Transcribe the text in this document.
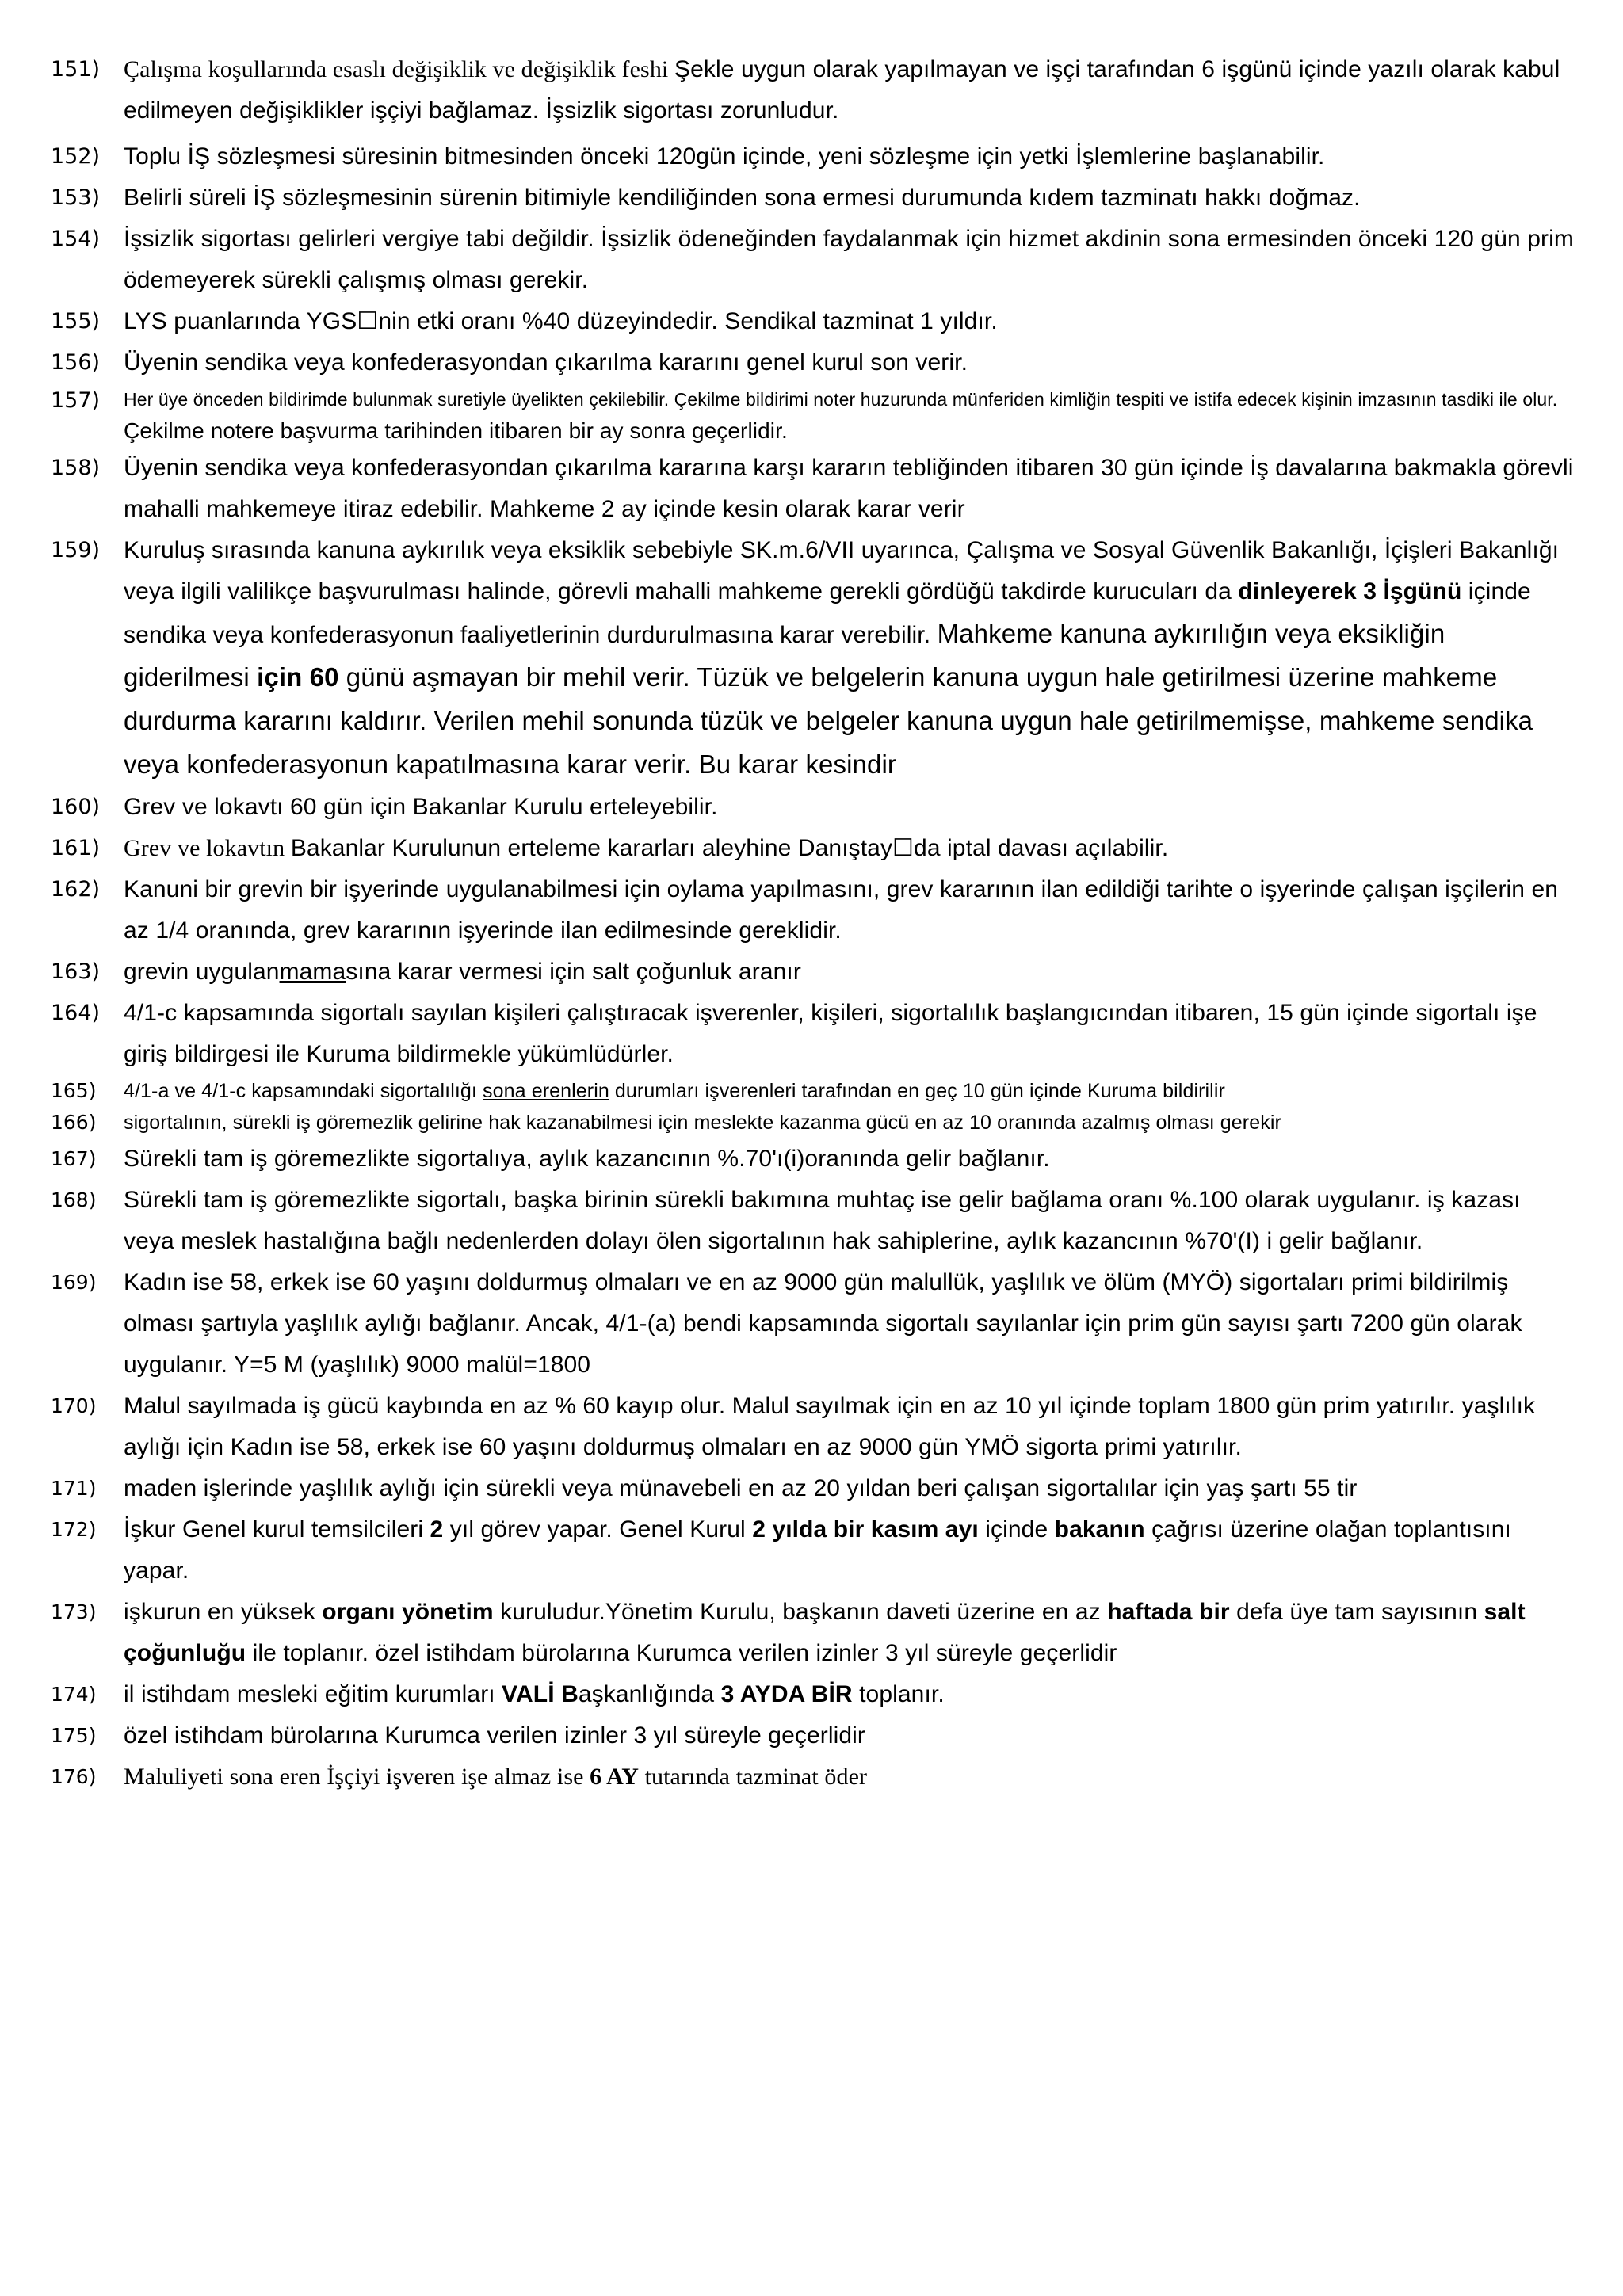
151) Çalışma koşullarında esaslı değişiklik ve değişiklik feshi Şekle uygun olarak yapılmayan ve işçi tarafından 6 işgünü içinde yazılı olarak kabul edilmeyen değişiklikler işçiyi bağlamaz. İşsizlik sigortası zorunludur.
152) Toplu İŞ sözleşmesi süresinin bitmesinden önceki 120gün içinde, yeni sözleşme için yetki İşlemlerine başlanabilir.
153) Belirli süreli İŞ sözleşmesinin sürenin bitimiyle kendiliğinden sona ermesi durumunda kıdem tazminatı hakkı doğmaz.
154) İşsizlik sigortası gelirleri vergiye tabi değildir. İşsizlik ödeneğinden faydalanmak için hizmet akdinin sona ermesinden önceki 120 gün prim ödemeyerek sürekli çalışmış olması gerekir.
155) LYS puanlarında YGS☐nin etki oranı %40 düzeyindedir. Sendikal tazminat 1 yıldır.
156) Üyenin sendika veya konfederasyondan çıkarılma kararını genel kurul son verir.
157)	Her üye önceden bildirimde bulunmak suretiyle üyelikten çekilebilir. Çekilme bildirimi noter huzurunda münferiden kimliğin tespiti ve istifa edecek kişinin imzasının tasdiki ile olur. Çekilme notere başvurma tarihinden itibaren bir ay sonra geçerlidir.
158) Üyenin sendika veya konfederasyondan çıkarılma kararına karşı kararın tebliğinden itibaren 30 gün içinde İş davalarına bakmakla görevli mahalli mahkemeye itiraz edebilir. Mahkeme 2 ay içinde kesin olarak karar verir
159) Kuruluş sırasında kanuna aykırılık veya eksiklik sebebiyle SK.m.6/VII uyarınca, Çalışma ve Sosyal Güvenlik Bakanlığı, İçişleri Bakanlığı veya ilgili valilikçe başvurulması halinde, görevli mahalli mahkeme gerekli gördüğü takdirde kurucuları da dinleyerek 3 İşgünü içinde sendika veya konfederasyonun faaliyetlerinin durdurulmasına karar verebilir. Mahkeme kanuna aykırılığın veya eksikliğin giderilmesi için 60 günü aşmayan bir mehil verir. Tüzük ve belgelerin kanuna uygun hale getirilmesi üzerine mahkeme durdurma kararını kaldırır. Verilen mehil sonunda tüzük ve belgeler kanuna uygun hale getirilmemişse, mahkeme sendika veya konfederasyonun kapatılmasına karar verir. Bu karar kesindir
160) Grev ve lokavtı 60 gün için Bakanlar Kurulu erteleyebilir.
161) Grev ve lokavtın Bakanlar Kurulunun erteleme kararları aleyhine Danıştay☐da iptal davası açılabilir.
162) Kanuni bir grevin bir işyerinde uygulanabilmesi için oylama yapılmasını, grev kararının ilan edildiği tarihte o işyerinde çalışan işçilerin en az 1/4 oranında, grev kararının işyerinde ilan edilmesinde gereklidir.
163) grevin uygulanmamasına karar vermesi için salt çoğunluk aranır
164) 4/1-c kapsamında sigortalı sayılan kişileri çalıştıracak işverenler, kişileri, sigortalılık başlangıcından itibaren, 15 gün içinde sigortalı işe giriş bildirgesi ile Kuruma bildirmekle yükümlüdürler.
165)	4/1-a ve 4/1-c kapsamındaki sigortalılığı sona erenlerin durumları işverenleri tarafından en geç 10 gün içinde Kuruma bildirilir
166)	sigortalının, sürekli iş göremezlik gelirine hak kazanabilmesi için meslekte kazanma gücü en az 10 oranında azalmış olması gerekir
167)	Sürekli tam iş göremezlikte sigortalıya, aylık kazancının %.70'ı(i)oranında gelir bağlanır.
168)	Sürekli tam iş göremezlikte sigortalı, başka birinin sürekli bakımına muhtaç ise gelir bağlama oranı %.100 olarak uygulanır. iş kazası veya meslek hastalığına bağlı nedenlerden dolayı ölen sigortalının hak sahiplerine, aylık kazancının %70'(I) i gelir bağlanır.
169)	Kadın ise 58, erkek ise 60 yaşını doldurmuş olmaları ve en az 9000 gün malullük, yaşlılık ve ölüm (MYÖ) sigortaları primi bildirilmiş olması şartıyla yaşlılık aylığı bağlanır. Ancak, 4/1-(a) bendi kapsamında sigortalı sayılanlar için prim gün sayısı şartı 7200 gün olarak uygulanır. Y=5 M (yaşlılık) 9000 malül=1800
170)	Malul sayılmada iş gücü kaybında en az % 60 kayıp olur. Malul sayılmak için en az 10 yıl içinde toplam 1800 gün prim yatırılır. yaşlılık aylığı için Kadın ise 58, erkek ise 60 yaşını doldurmuş olmaları en az 9000 gün YMÖ sigorta primi yatırılır.
171)	maden işlerinde yaşlılık aylığı için sürekli veya münavebeli en az 20 yıldan beri çalışan sigortalılar için yaş şartı 55 tir
172)	İşkur Genel kurul temsilcileri 2 yıl görev yapar. Genel Kurul 2 yılda bir kasım ayı içinde bakanın çağrısı üzerine olağan toplantısını yapar.
173)	işkurun en yüksek organı yönetim kuruludur.Yönetim Kurulu, başkanın daveti üzerine en az haftada bir defa üye tam sayısının salt çoğunluğu ile toplanır. özel istihdam bürolarına Kurumca verilen izinler 3 yıl süreyle geçerlidir
174)	il istihdam mesleki eğitim kurumları VALİ Başkanlığında 3 AYDA BİR toplanır.
175)	özel istihdam bürolarına Kurumca verilen izinler 3 yıl süreyle geçerlidir
176)	Maluliyeti sona eren İşçiyi işveren işe almaz ise 6 AY tutarında tazminat öder
